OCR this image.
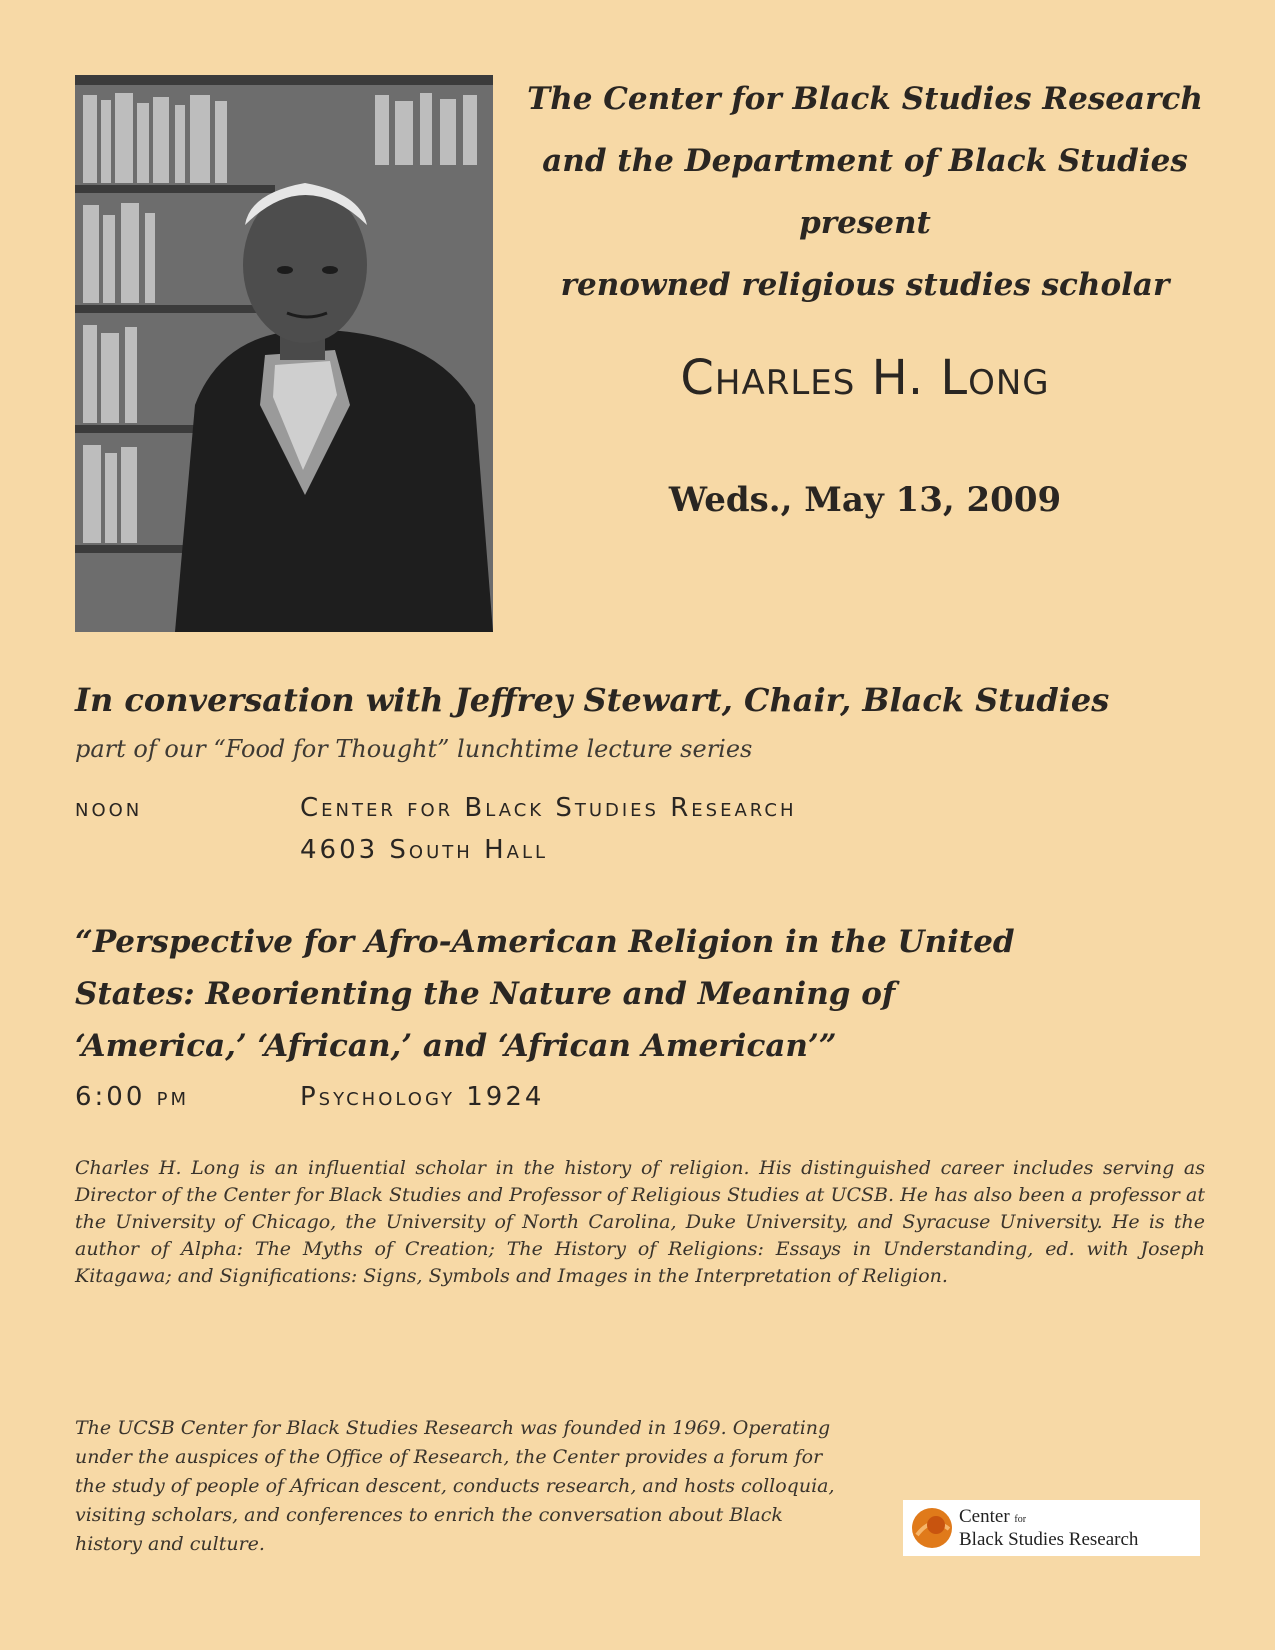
The Center for Black Studies Research
and the Department of Black Studies
present
renowned religious studies scholar
Charles H. Long
Weds., May 13, 2009
In conversation with Jeffrey Stewart, Chair, Black Studies
part of our “Food for Thought” lunchtime lecture series
noon	Center for Black Studies Research
4603 South Hall
“Perspective for Afro-American Religion in the United
States: Reorienting the Nature and Meaning of
‘America,’ ‘African,’ and ‘African American’”
6:00 pm	Psychology 1924
Charles H. Long is an influential scholar in the history of religion. His distinguished career includes serving as Director of the Center for Black Studies and Professor of Religious Studies at UCSB. He has also been a professor at the University of Chicago, the University of North Carolina, Duke University, and Syracuse University. He is the author of Alpha: The Myths of Creation; The History of Religions: Essays in Understanding, ed. with Joseph Kitagawa; and Significations: Signs, Symbols and Images in the Interpretation of Religion.
The UCSB Center for Black Studies Research was founded in 1969. Operating under the auspices of the Office of Research, the Center provides a forum for the study of people of African descent, conducts research, and hosts colloquia, visiting scholars, and conferences to enrich the conversation about Black history and culture.
Center for
Black Studies Research
